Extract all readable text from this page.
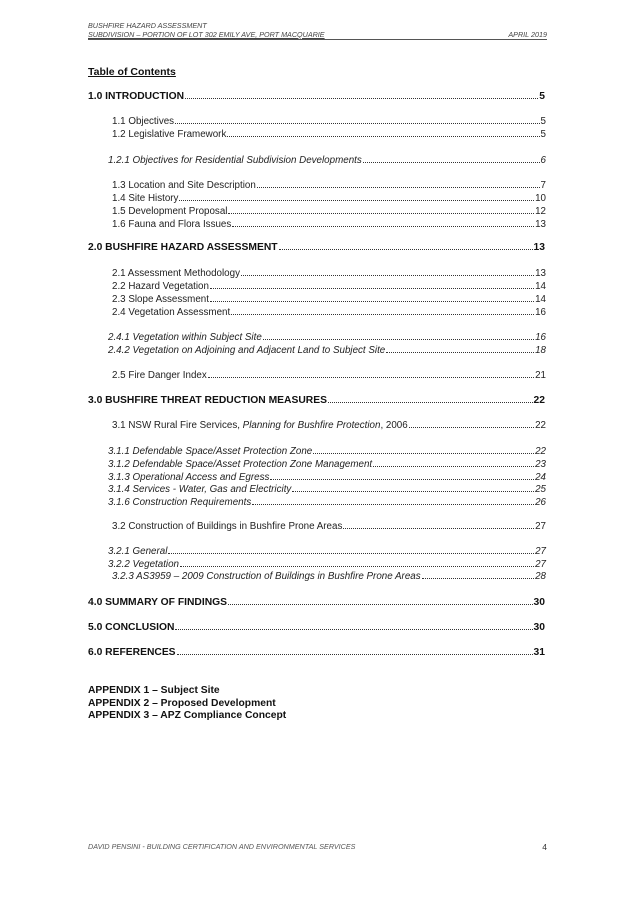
BUSHFIRE HAZARD ASSESSMENT
SUBDIVISION – PORTION OF LOT 302 EMILY AVE, PORT MACQUARIE	APRIL 2019
Table of Contents
1.0 INTRODUCTION	5
1.1 Objectives	5
1.2 Legislative Framework	5
1.2.1 Objectives for Residential Subdivision Developments	6
1.3 Location and Site Description	7
1.4 Site History	10
1.5 Development Proposal	12
1.6 Fauna and Flora Issues	13
2.0 BUSHFIRE HAZARD ASSESSMENT	13
2.1 Assessment Methodology	13
2.2 Hazard Vegetation	14
2.3 Slope Assessment	14
2.4 Vegetation Assessment	16
2.4.1 Vegetation within Subject Site	16
2.4.2 Vegetation on Adjoining and Adjacent Land to Subject Site	18
2.5 Fire Danger Index	21
3.0 BUSHFIRE THREAT REDUCTION MEASURES	22
3.1 NSW Rural Fire Services, Planning for Bushfire Protection, 2006	22
3.1.1 Defendable Space/Asset Protection Zone	22
3.1.2 Defendable Space/Asset Protection Zone Management	23
3.1.3 Operational Access and Egress	24
3.1.4 Services - Water, Gas and Electricity	25
3.1.6 Construction Requirements	26
3.2 Construction of Buildings in Bushfire Prone Areas	27
3.2.1 General	27
3.2.2 Vegetation	27
3.2.3 AS3959 – 2009 Construction of Buildings in Bushfire Prone Areas	28
4.0 SUMMARY OF FINDINGS	30
5.0 CONCLUSION	30
6.0 REFERENCES	31
APPENDIX 1 – Subject Site
APPENDIX 2 – Proposed Development
APPENDIX 3 – APZ Compliance Concept
DAVID PENSINI - BUILDING CERTIFICATION AND ENVIRONMENTAL SERVICES	4
